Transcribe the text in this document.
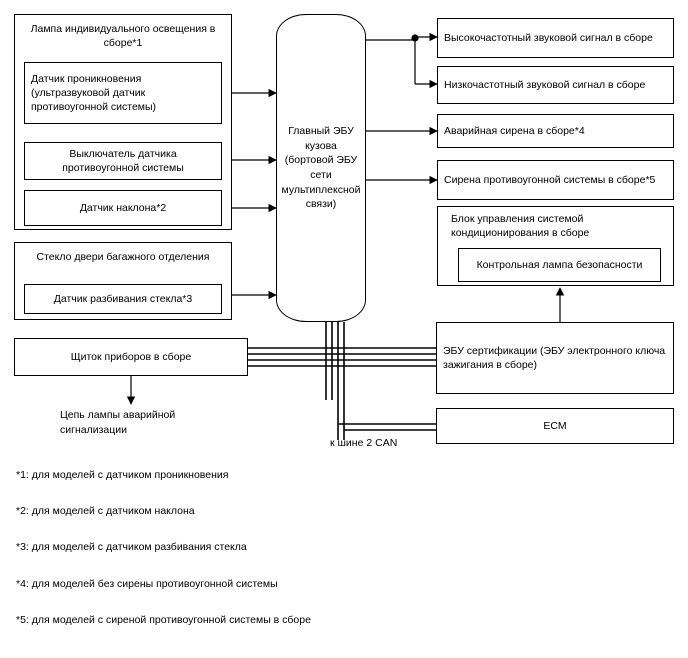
Лампа индивидуального освещения в сборе*1
Датчик проникновения (ультразвуковой датчик противоугонной системы)
Выключатель датчика противоугонной системы
Датчик наклона*2
Стекло двери багажного отделения
Датчик разбивания стекла*3
Щиток приборов в сборе
Цепь лампы аварийной сигнализации
Главный ЭБУ кузова (бортовой ЭБУ сети мультиплексной связи)
Высокочастотный звуковой сигнал в сборе
Низкочастотный звуковой сигнал в сборе
Аварийная сирена в сборе*4
Сирена противоугонной системы в сборе*5
Блок управления системой кондиционирования в сборе
Контрольная лампа безопасности
ЭБУ сертификации (ЭБУ электронного ключа зажигания в сборе)
ECM
к шине 2 CAN
*1: для моделей с датчиком проникновения
*2: для моделей с датчиком наклона
*3: для моделей с датчиком разбивания стекла
*4: для моделей без сирены противоугонной системы
*5: для моделей с сиреной противоугонной системы в сборе
